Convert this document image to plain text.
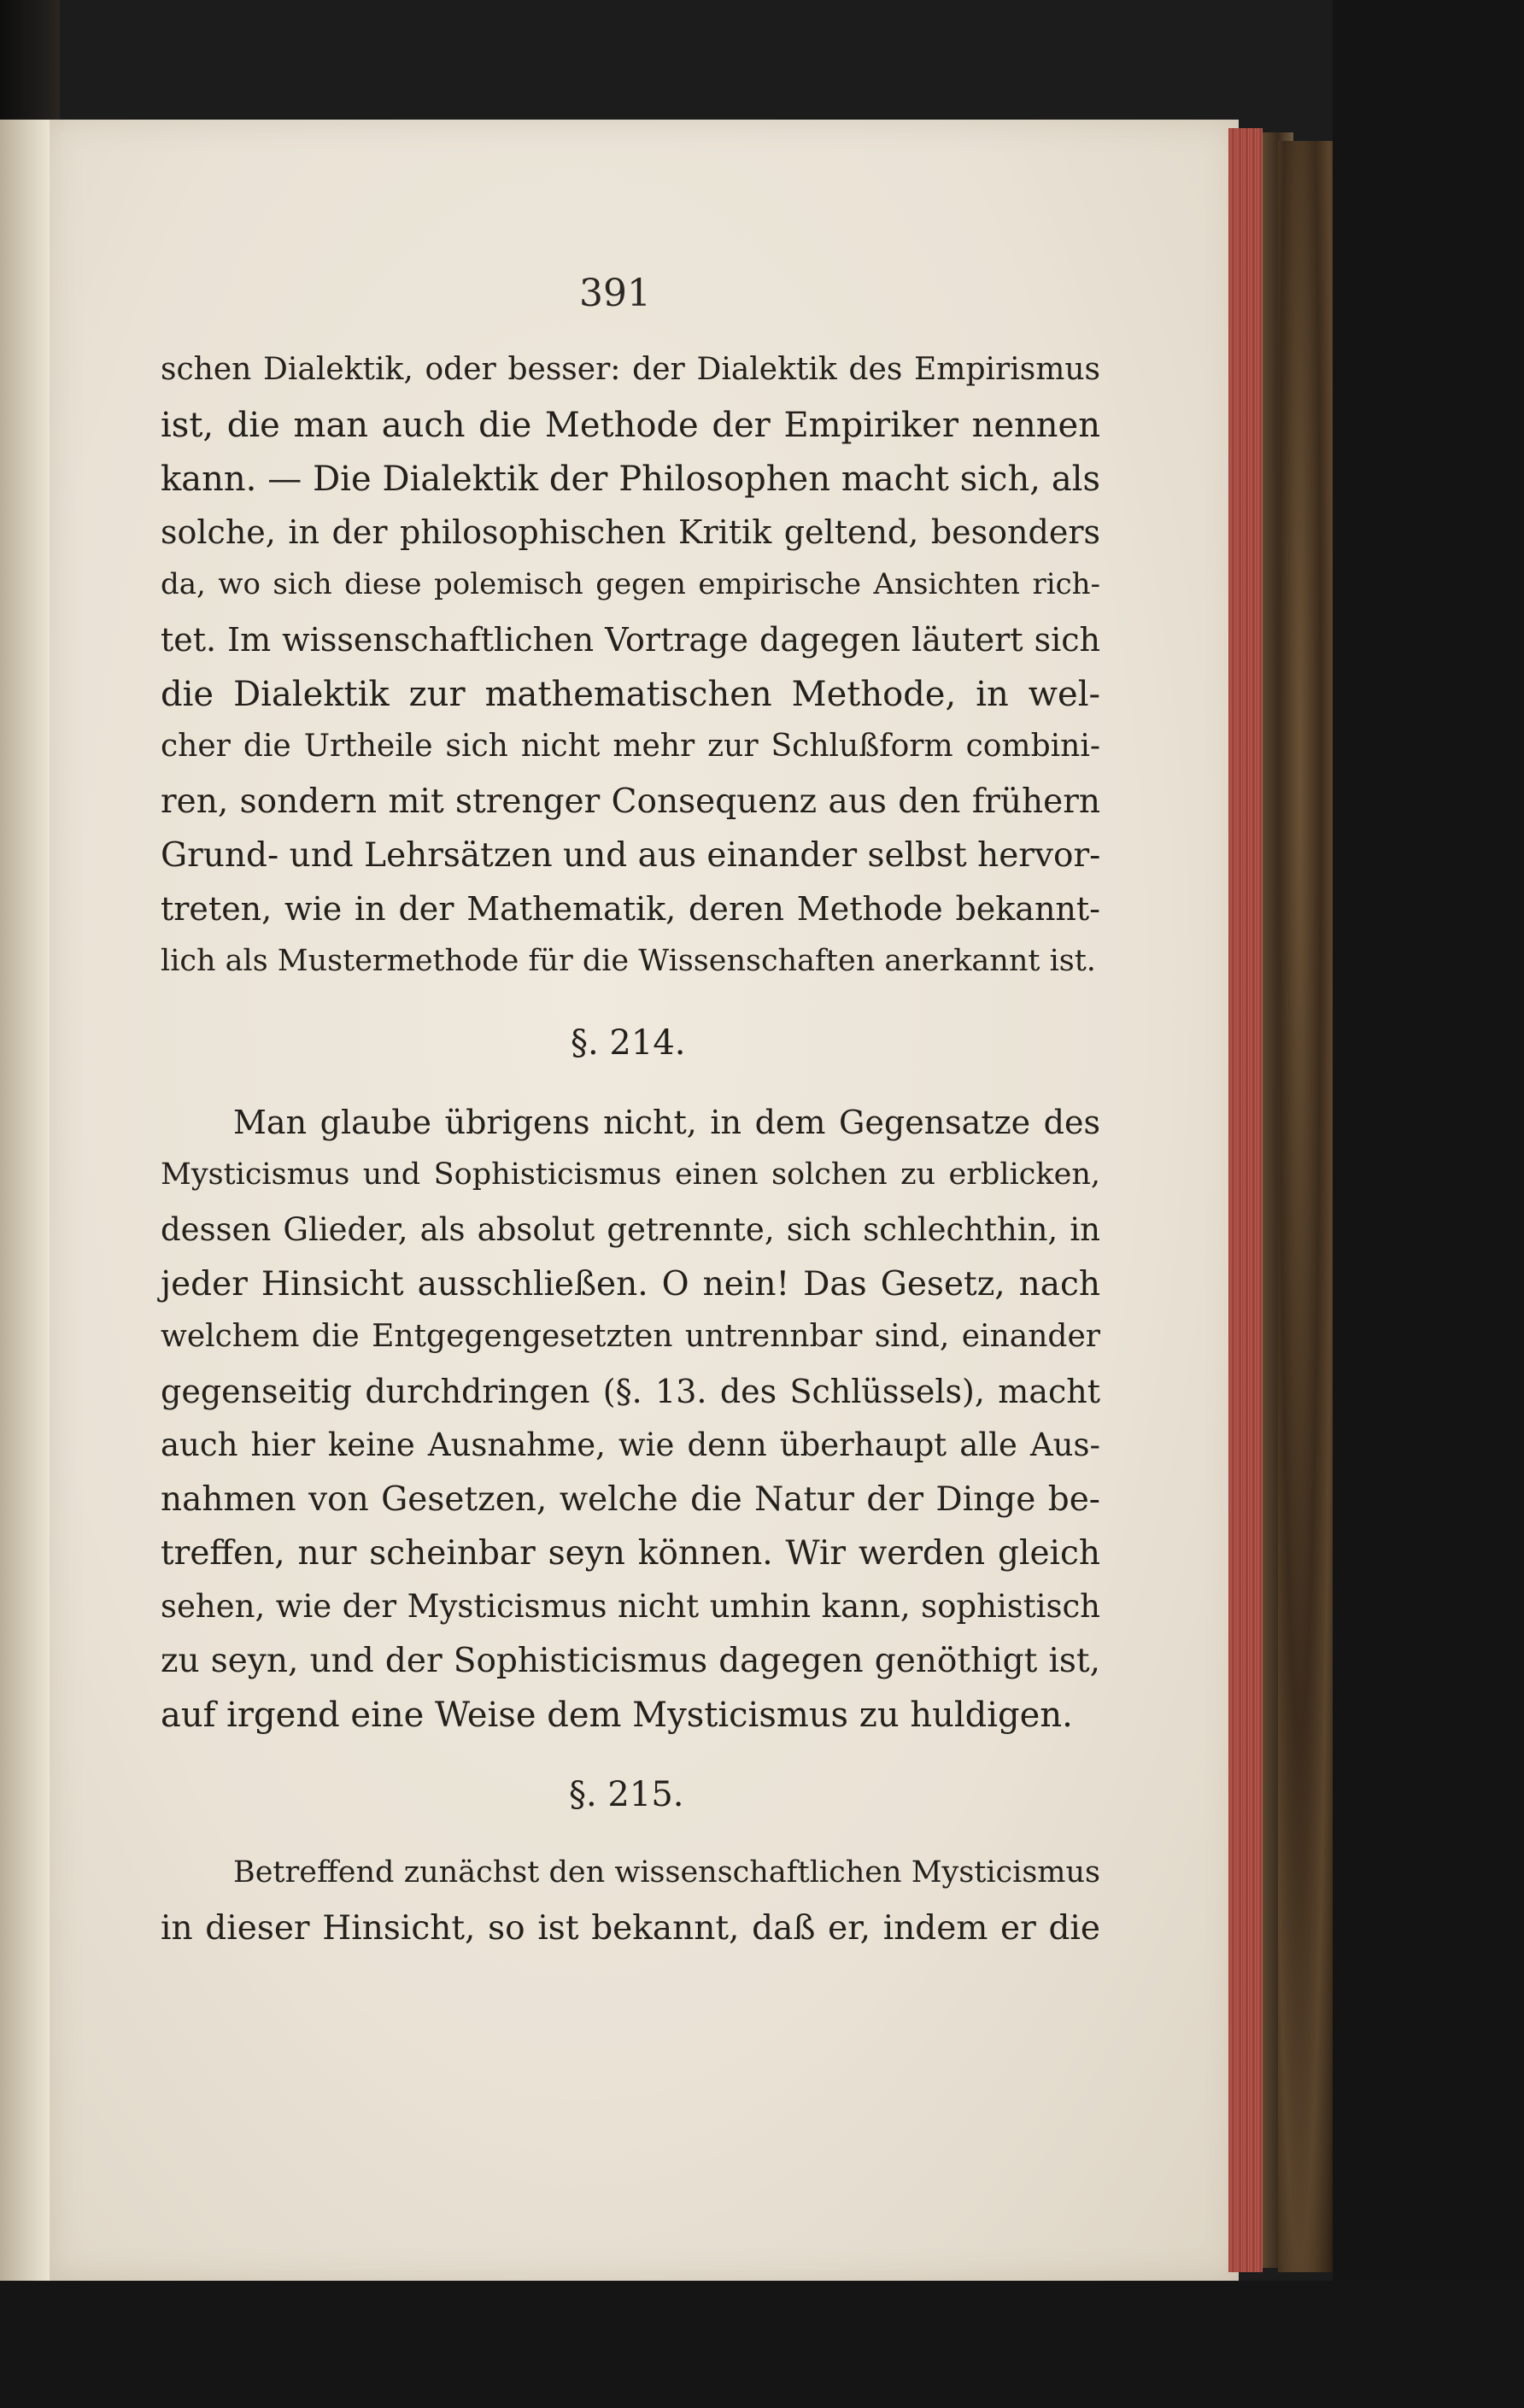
391
schen Dialektik, oder besser: der Dialektik des Empirismus
ist, die man auch die Methode der Empiriker nennen
kann. — Die Dialektik der Philosophen macht sich, als
solche, in der philosophischen Kritik geltend, besonders
da, wo sich diese polemisch gegen empirische Ansichten rich-
tet. Im wissenschaftlichen Vortrage dagegen läutert sich
die Dialektik zur mathematischen Methode, in wel-
cher die Urtheile sich nicht mehr zur Schlußform combini-
ren, sondern mit strenger Consequenz aus den frühern
Grund- und Lehrsätzen und aus einander selbst hervor-
treten, wie in der Mathematik, deren Methode bekannt-
lich als Mustermethode für die Wissenschaften anerkannt ist.
§. 214.
Man glaube übrigens nicht, in dem Gegensatze des
Mysticismus und Sophisticismus einen solchen zu erblicken,
dessen Glieder, als absolut getrennte, sich schlechthin, in
jeder Hinsicht ausschließen. O nein! Das Gesetz, nach
welchem die Entgegengesetzten untrennbar sind, einander
gegenseitig durchdringen (§. 13. des Schlüssels), macht
auch hier keine Ausnahme, wie denn überhaupt alle Aus-
nahmen von Gesetzen, welche die Natur der Dinge be-
treffen, nur scheinbar seyn können. Wir werden gleich
sehen, wie der Mysticismus nicht umhin kann, sophistisch
zu seyn, und der Sophisticismus dagegen genöthigt ist,
auf irgend eine Weise dem Mysticismus zu huldigen.
§. 215.
Betreffend zunächst den wissenschaftlichen Mysticismus
in dieser Hinsicht, so ist bekannt, daß er, indem er die
